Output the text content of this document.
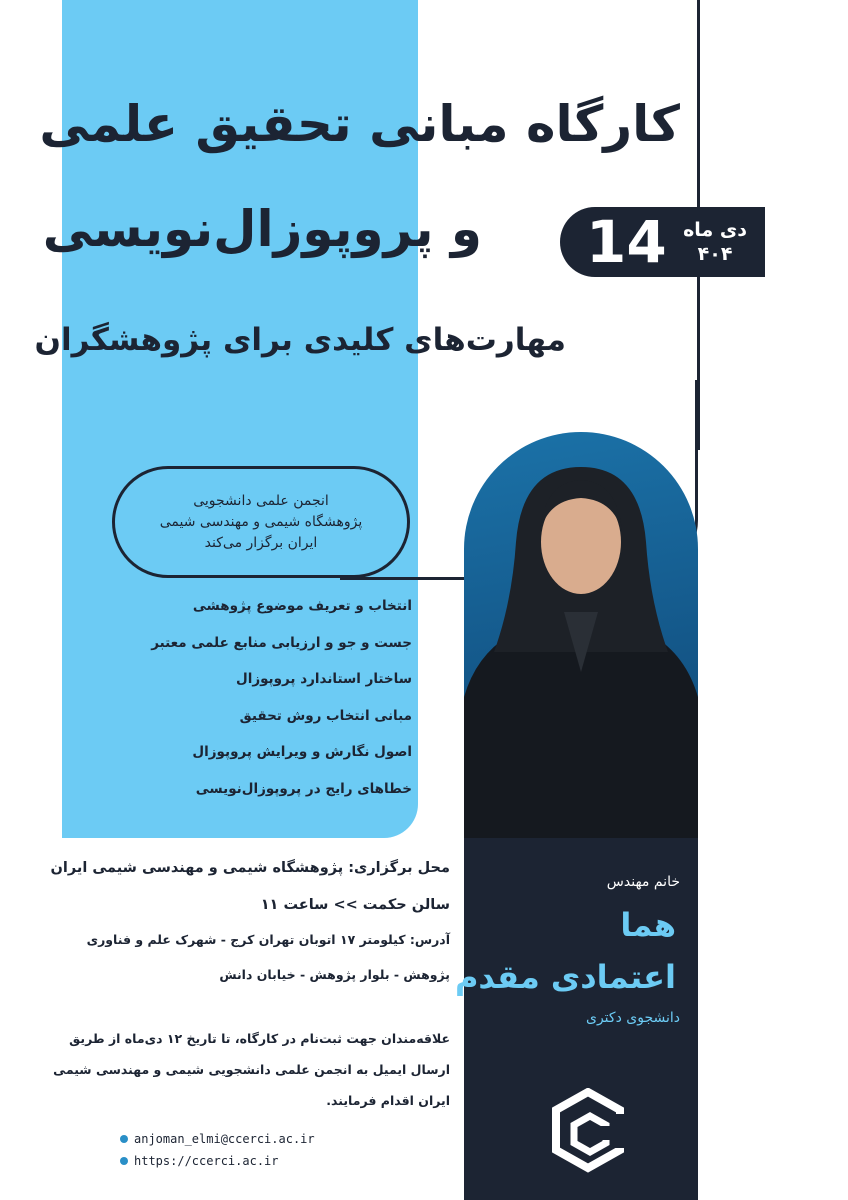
کارگاه مبانی تحقیق علمی
و پروپوزال‌نویسی
مهارت‌های کلیدی برای پژوهشگران
14 دی ماه
۴۰۴
انجمن علمی دانشجویی
پژوهشگاه شیمی و مهندسی شیمی
ایران برگزار می‌کند
انتخاب و تعریف موضوع پژوهشی
جست و جو و ارزیابی منابع علمی معتبر
ساختار استاندارد پروپوزال
مبانی انتخاب روش تحقیق
اصول نگارش و ویرایش پروپوزال
خطاهای رایج در پروپوزال‌نویسی

خانم مهندس

هما

اعتمادی مقدم

دانشجوی دکتری

محل برگزاری: پژوهشگاه شیمی و مهندسی شیمی ایران

سالن حکمت >> ساعت ۱۱

آدرس: کیلومتر ۱۷ اتوبان تهران کرج - شهرک علم و فناوری

پژوهش - بلوار پژوهش - خیابان دانش

علاقه‌مندان جهت ثبت‌نام در کارگاه، تا تاریخ ۱۲ دی‌ماه از طریق ارسال ایمیل به انجمن علمی دانشجویی شیمی و مهندسی شیمی ایران اقدام فرمایند.

anjoman_elmi@ccerci.ac.ir
https://ccerci.ac.ir
